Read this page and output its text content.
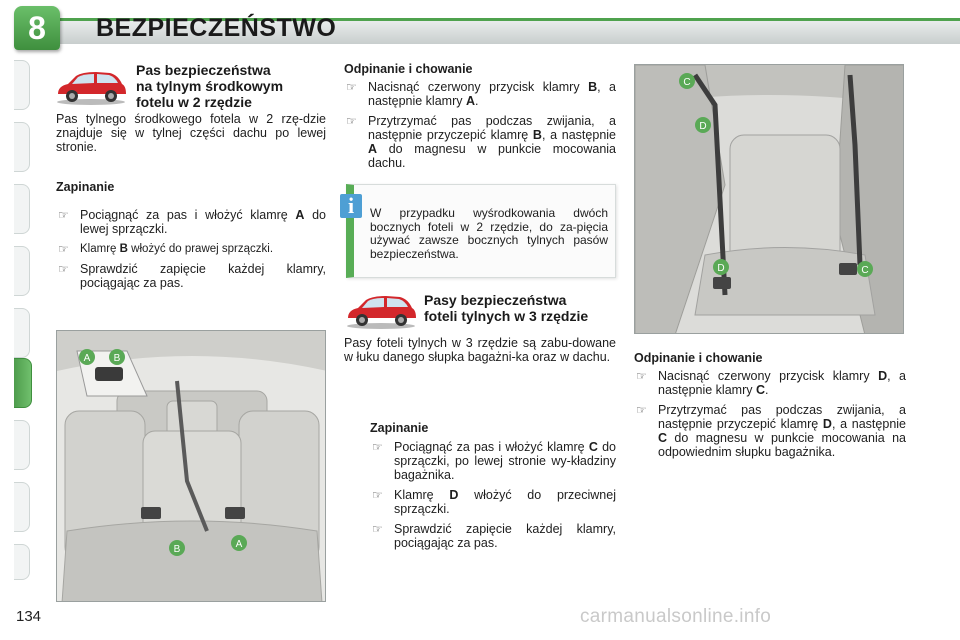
8	BEZPIECZEŃSTWO
Pas bezpieczeństwa
na tylnym środkowym
fotelu w 2 rzędzie
Pas tylnego środkowego fotela w 2 rzę-dzie znajduje się w tylnej części dachu po lewej stronie.
Zapinanie
☞ Pociągnąć za pas i włożyć klamrę A do lewej sprzączki.
☞ Klamrę B włożyć do prawej sprzączki.
☞ Sprawdzić zapięcie każdej klamry, pociągając za pas.
A B
B	A
Odpinanie i chowanie
☞ Nacisnąć czerwony przycisk klamry B, a następnie klamry A.
☞ Przytrzymać pas podczas zwijania, a następnie przyczepić klamrę B, a następnie A do magnesu w punkcie mocowania dachu.
i	W przypadku wyśrodkowania dwóch bocznych foteli w 2 rzędzie, do za-pięcia używać zawsze bocznych tylnych pasów bezpieczeństwa.
Pasy bezpieczeństwa
foteli tylnych w 3 rzędzie
Pasy foteli tylnych w 3 rzędzie są zabu-dowane w łuku danego słupka bagażni-ka oraz w dachu.
Zapinanie
☞ Pociągnąć za pas i włożyć klamrę C do sprzączki, po lewej stronie wy-kładziny bagażnika.
☞ Klamrę D włożyć do przeciwnej sprzączki.
☞ Sprawdzić zapięcie każdej klamry, pociągając za pas.
C
D
D	C
Odpinanie i chowanie
☞ Nacisnąć czerwony przycisk klamry D, a następnie klamry C.
☞ Przytrzymać pas podczas zwijania, a następnie przyczepić klamrę D, a następnie C do magnesu w punkcie mocowania na odpowiednim słupku bagażnika.
134	carmanualsonline.info
